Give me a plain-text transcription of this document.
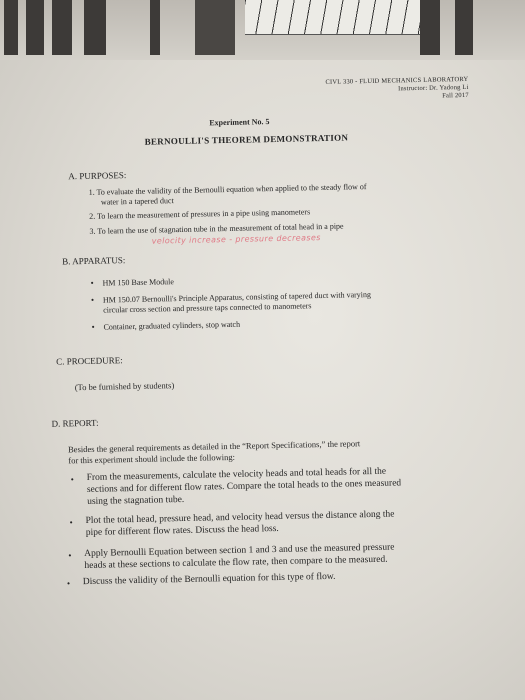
CIVL 330 - FLUID MECHANICS LABORATORY
Instructor: Dr. Yadong Li
Fall 2017
Experiment No. 5
BERNOULLI'S THEOREM DEMONSTRATION
A. PURPOSES:
1. To evaluate the validity of the Bernoulli equation when applied to the steady flow of
water in a tapered duct
2. To learn the measurement of pressures in a pipe using manometers
3. To learn the use of stagnation tube in the measurement of total head in a pipe
velocity increase - pressure decreases
B. APPARATUS:
• HM 150 Base Module
• HM 150.07 Bernoulli's Principle Apparatus, consisting of tapered duct with varying
circular cross section and pressure taps connected to manometers
• Container, graduated cylinders, stop watch
C. PROCEDURE:
(To be furnished by students)
D. REPORT:
Besides the general requirements as detailed in the “Report Specifications,” the report
for this experiment should include the following:
• From the measurements, calculate the velocity heads and total heads for all the
sections and for different flow rates. Compare the total heads to the ones measured
using the stagnation tube.
• Plot the total head, pressure head, and velocity head versus the distance along the
pipe for different flow rates. Discuss the head loss.
• Apply Bernoulli Equation between section 1 and 3 and use the measured pressure
heads at these sections to calculate the flow rate, then compare to the measured.
• Discuss the validity of the Bernoulli equation for this type of flow.
